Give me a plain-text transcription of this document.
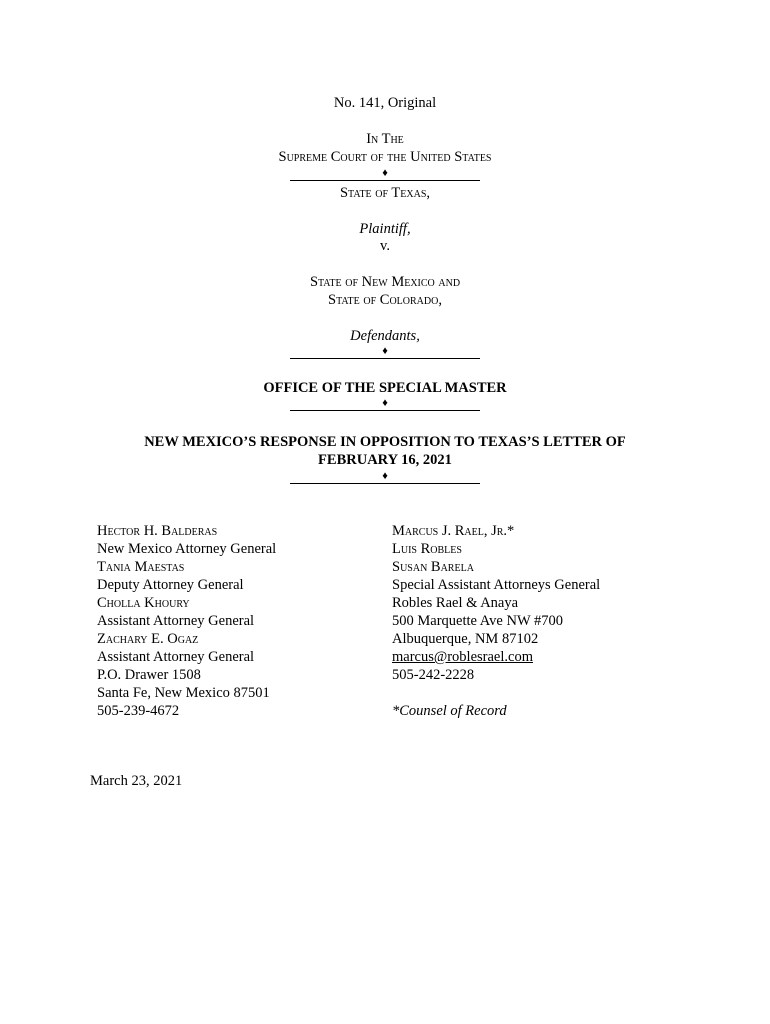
No. 141, Original
In The
Supreme Court of the United States
♦
State of Texas,
Plaintiff,
v.
State of New Mexico and
State of Colorado,
Defendants,
♦
OFFICE OF THE SPECIAL MASTER
♦
NEW MEXICO’S RESPONSE IN OPPOSITION TO TEXAS’S LETTER OF
FEBRUARY 16, 2021
♦
Hector H. Balderas
New Mexico Attorney General
Tania Maestas
Deputy Attorney General
Cholla Khoury
Assistant Attorney General
Zachary E. Ogaz
Assistant Attorney General
P.O. Drawer 1508
Santa Fe, New Mexico 87501
505-239-4672
Marcus J. Rael, Jr.*
Luis Robles
Susan Barela
Special Assistant Attorneys General
Robles Rael & Anaya
500 Marquette Ave NW #700
Albuquerque, NM 87102
marcus@roblesrael.com
505-242-2228
*Counsel of Record
March 23, 2021
